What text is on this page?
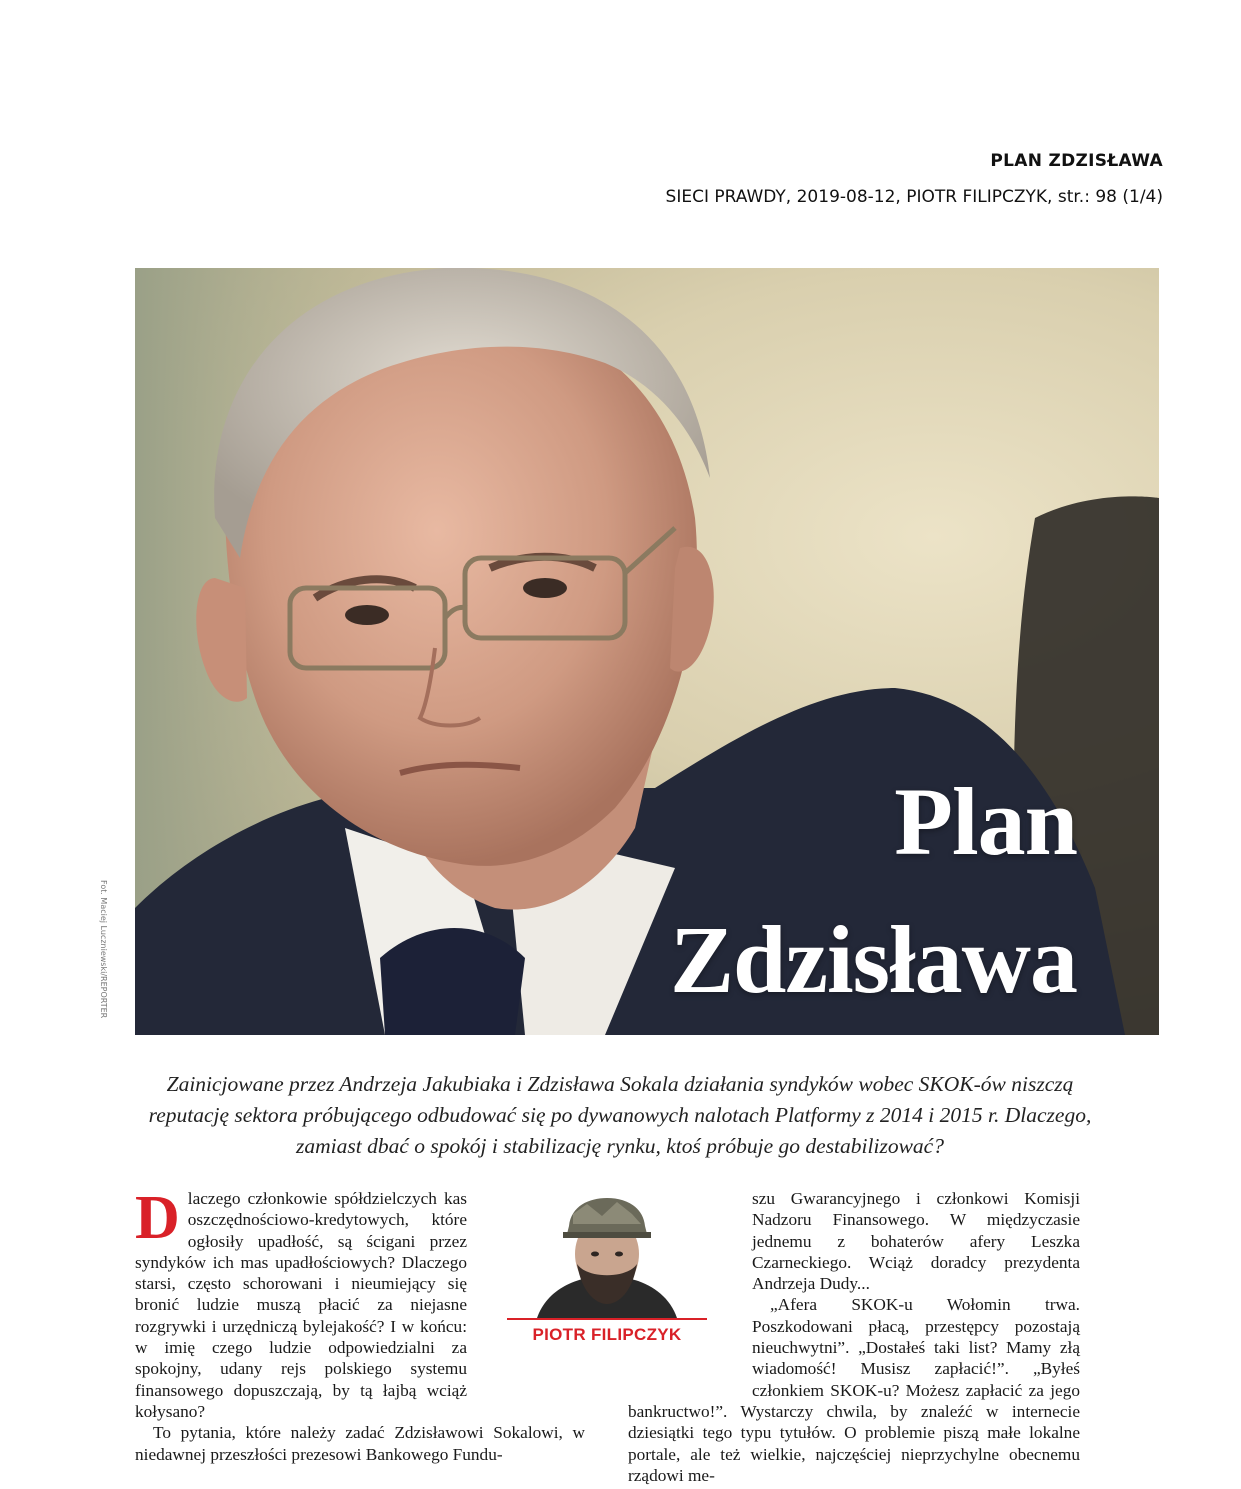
PLAN ZDZISŁAWA
SIECI PRAWDY, 2019-08-12, PIOTR FILIPCZYK, str.: 98 (1/4)
Plan
Zdzisława
Fot. Maciej Luczniewski/REPORTER
Zainicjowane przez Andrzeja Jakubiaka i Zdzisława Sokala działania syndyków wobec SKOK-ów niszczą reputację sektora próbującego odbudować się po dywanowych nalotach Platformy z 2014 i 2015 r. Dlaczego, zamiast dbać o spokój i stabilizację rynku, ktoś próbuje go destabilizować?

Dlaczego członkowie spółdzielczych kas oszczędnościowo-kredytowych, które ogłosiły upadłość, są ścigani przez syndyków ich mas upadłościowych? Dlaczego starsi, często schorowani i nieumiejący się bronić ludzie muszą płacić za niejasne rozgrywki i urzędniczą bylejakość? I w końcu: w imię czego ludzie odpowiedzialni za spokojny, udany rejs polskiego systemu finansowego dopuszczają, by tą łajbą wciąż kołysano?

To pytania, które należy zadać Zdzisławowi Sokalowi, w niedawnej przeszłości prezesowi Bankowego Fundu-

PIOTR FILIPCZYK

szu Gwarancyjnego i członkowi Komisji Nadzoru Finansowego. W międzyczasie jednemu z bohaterów afery Leszka Czarneckiego. Wciąż doradcy prezydenta Andrzeja Dudy...

„Afera SKOK-u Wołomin trwa. Poszkodowani płacą, przestępcy pozostają nieuchwytni”. „Dostałeś taki list? Mamy złą wiadomość! Musisz zapłacić!”. „Byłeś członkiem SKOK-u? Możesz zapłacić za jego bankructwo!”. Wystarczy chwila, by znaleźć w internecie dziesiątki tego typu tytułów. O problemie piszą małe lokalne portale, ale też wielkie, najczęściej nieprzychylne obecnemu rządowi me-
